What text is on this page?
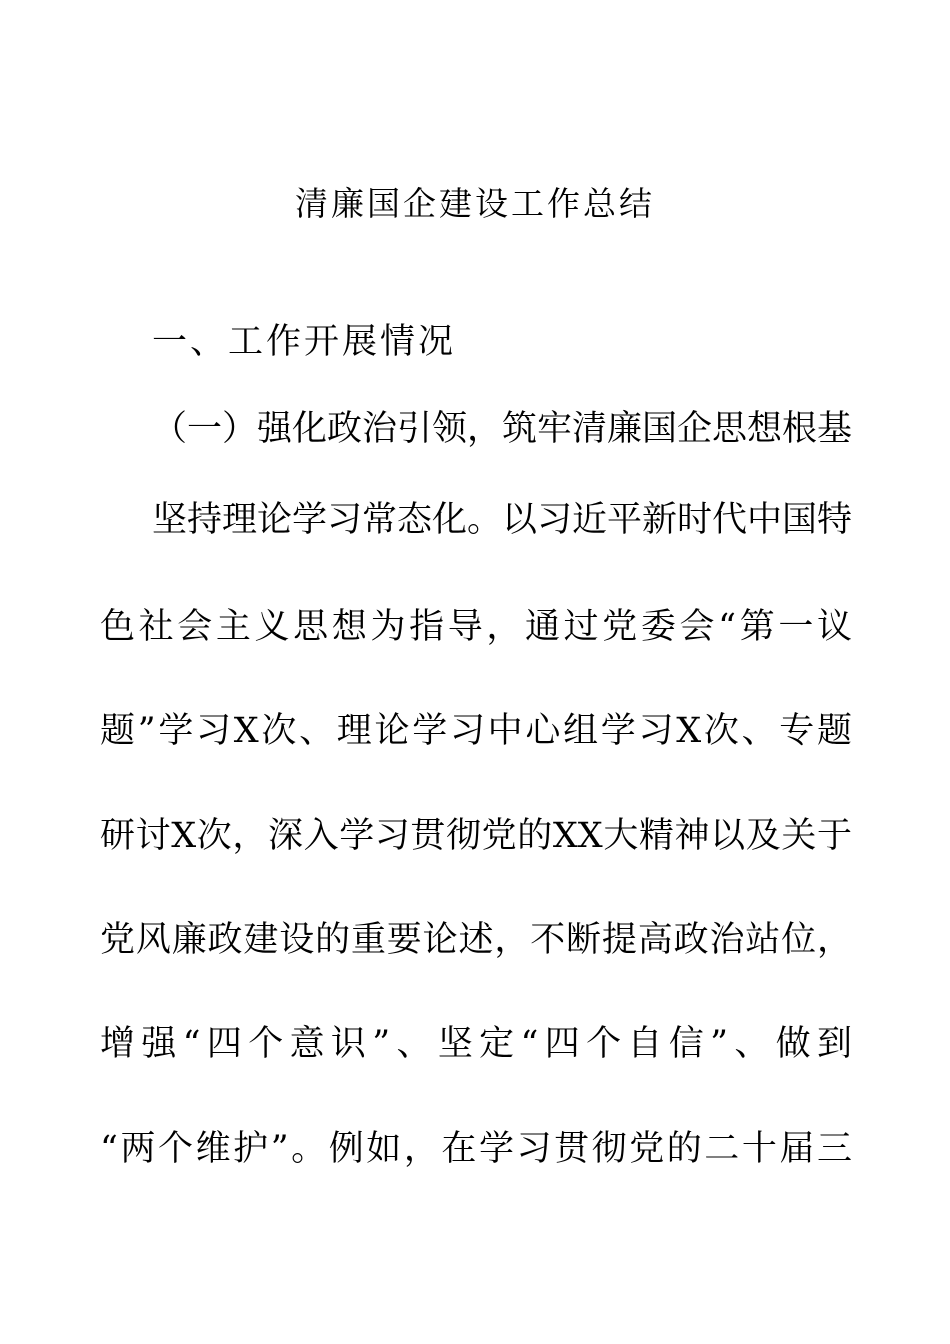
清廉国企建设工作总结
一、工作开展情况
（一）强化政治引领，筑牢清廉国企思想根基
坚持理论学习常态化。以习近平新时代中国特
色社会主义思想为指导，通过党委会“第一议
题”学习X次、理论学习中心组学习X次、专题
研讨X次，深入学习贯彻党的XX大精神以及关于
党风廉政建设的重要论述，不断提高政治站位，
增强“四个意识”、坚定“四个自信”、做到
“两个维护”。例如，在学习贯彻党的二十届三
